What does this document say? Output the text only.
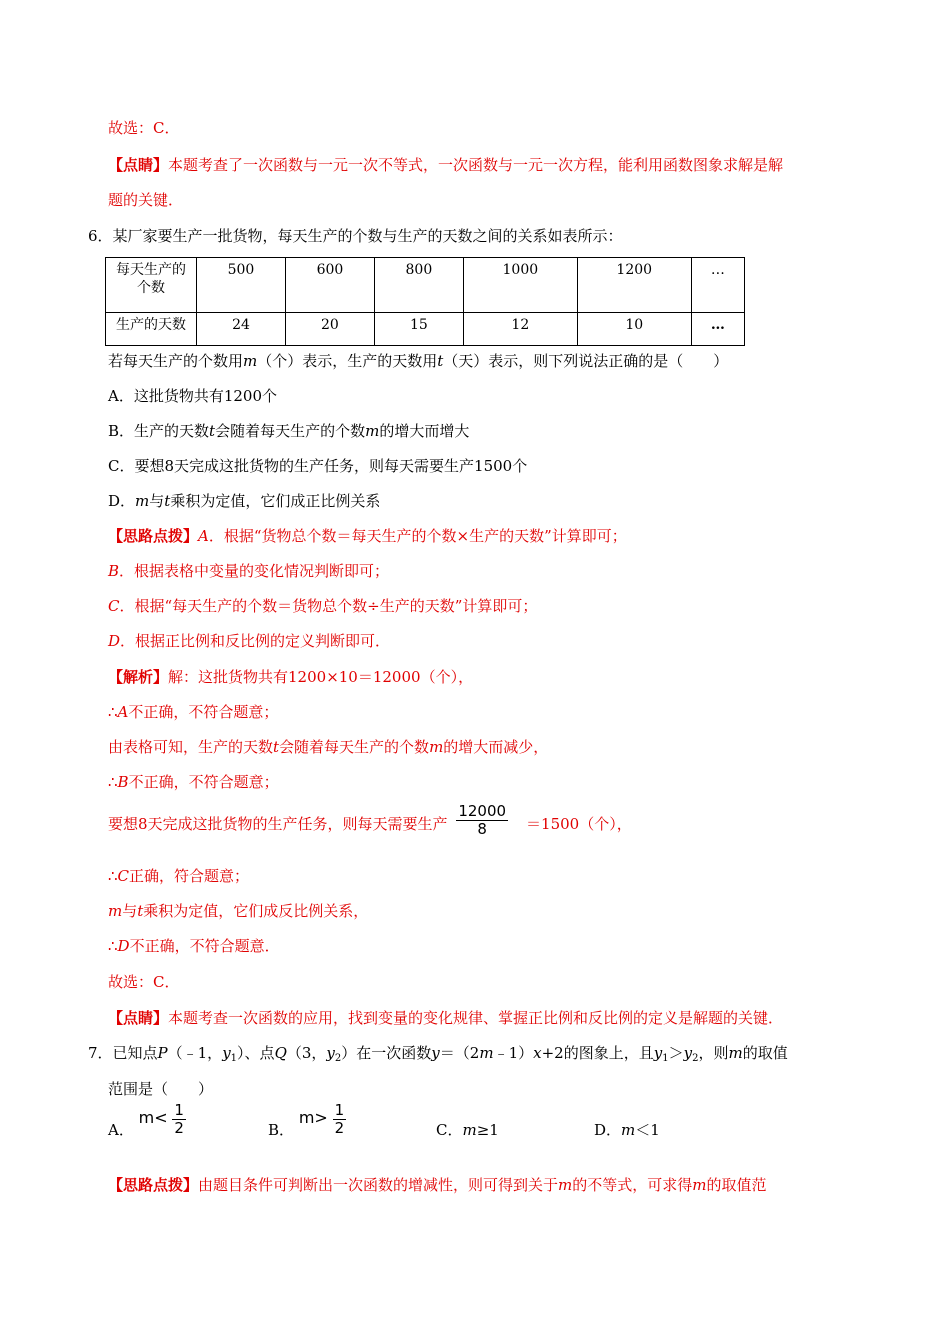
故选：C．
【点睛】本题考查了一次函数与一元一次不等式，一次函数与一元一次方程，能利用函数图象求解是解
题的关键．
6．某厂家要生产一批货物，每天生产的个数与生产的天数之间的关系如表所示：
每天生产的
个数	500	600	800	1000	1200	…
生产的天数	24	20	15	12	10	…
若每天生产的个数用m（个）表示，生产的天数用t（天）表示，则下列说法正确的是（　　）
A．这批货物共有1200个
B．生产的天数t会随着每天生产的个数m的增大而增大
C．要想8天完成这批货物的生产任务，则每天需要生产1500个
D．m与t乘积为定值，它们成正比例关系
【思路点拨】A．根据“货物总个数＝每天生产的个数×生产的天数”计算即可；
B．根据表格中变量的变化情况判断即可；
C．根据“每天生产的个数＝货物总个数÷生产的天数”计算即可；
D．根据正比例和反比例的定义判断即可．
【解析】解：这批货物共有1200×10＝12000（个），
∴A不正确，不符合题意；
由表格可知，生产的天数t会随着每天生产的个数m的增大而减少，
∴B不正确，不符合题意；
要想8天完成这批货物的生产任务，则每天需要生产 $\frac{12000}{8} =1500$（个），
∴C正确，符合题意；
m与t乘积为定值，它们成反比例关系，
∴D不正确，不符合题意．
故选：C．
【点睛】本题考查一次函数的应用，找到变量的变化规律、掌握正比例和反比例的定义是解题的关键．
7．已知点P（﹣1，$y_1$）、点Q（3，$y_2$）在一次函数y＝（2m﹣1）x+2的图象上，且$y_1>y_2$，则m的取值
范围是（　　）
A． $m< \frac{1}{2}$	B． $m> \frac{1}{2}$	C．m≥1	D．m＜1
【思路点拨】由题目条件可判断出一次函数的增减性，则可得到关于m的不等式，可求得m的取值范
